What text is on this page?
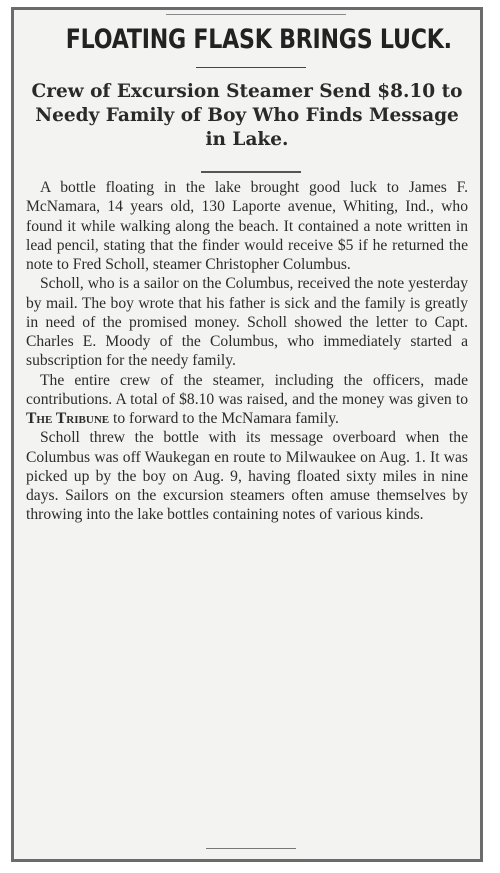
FLOATING FLASK BRINGS LUCK.
Crew of Excursion Steamer Send $8.10 to Needy Family of Boy Who Finds Message in Lake.

A bottle floating in the lake brought good luck to James F. McNamara, 14 years old, 130 Laporte avenue, Whiting, Ind., who found it while walking along the beach. It contained a note written in lead pencil, stating that the finder would receive $5 if he returned the note to Fred Scholl, steamer Christopher Columbus.

Scholl, who is a sailor on the Columbus, received the note yesterday by mail. The boy wrote that his father is sick and the family is greatly in need of the promised money. Scholl showed the letter to Capt. Charles E. Moody of the Columbus, who immediately started a subscription for the needy family.

The entire crew of the steamer, including the officers, made contributions. A total of $8.10 was raised, and the money was given to The Tribune to forward to the McNamara family.

Scholl threw the bottle with its message overboard when the Columbus was off Waukegan en route to Milwaukee on Aug. 1. It was picked up by the boy on Aug. 9, having floated sixty miles in nine days. Sailors on the excursion steamers often amuse themselves by throwing into the lake bottles containing notes of various kinds.
